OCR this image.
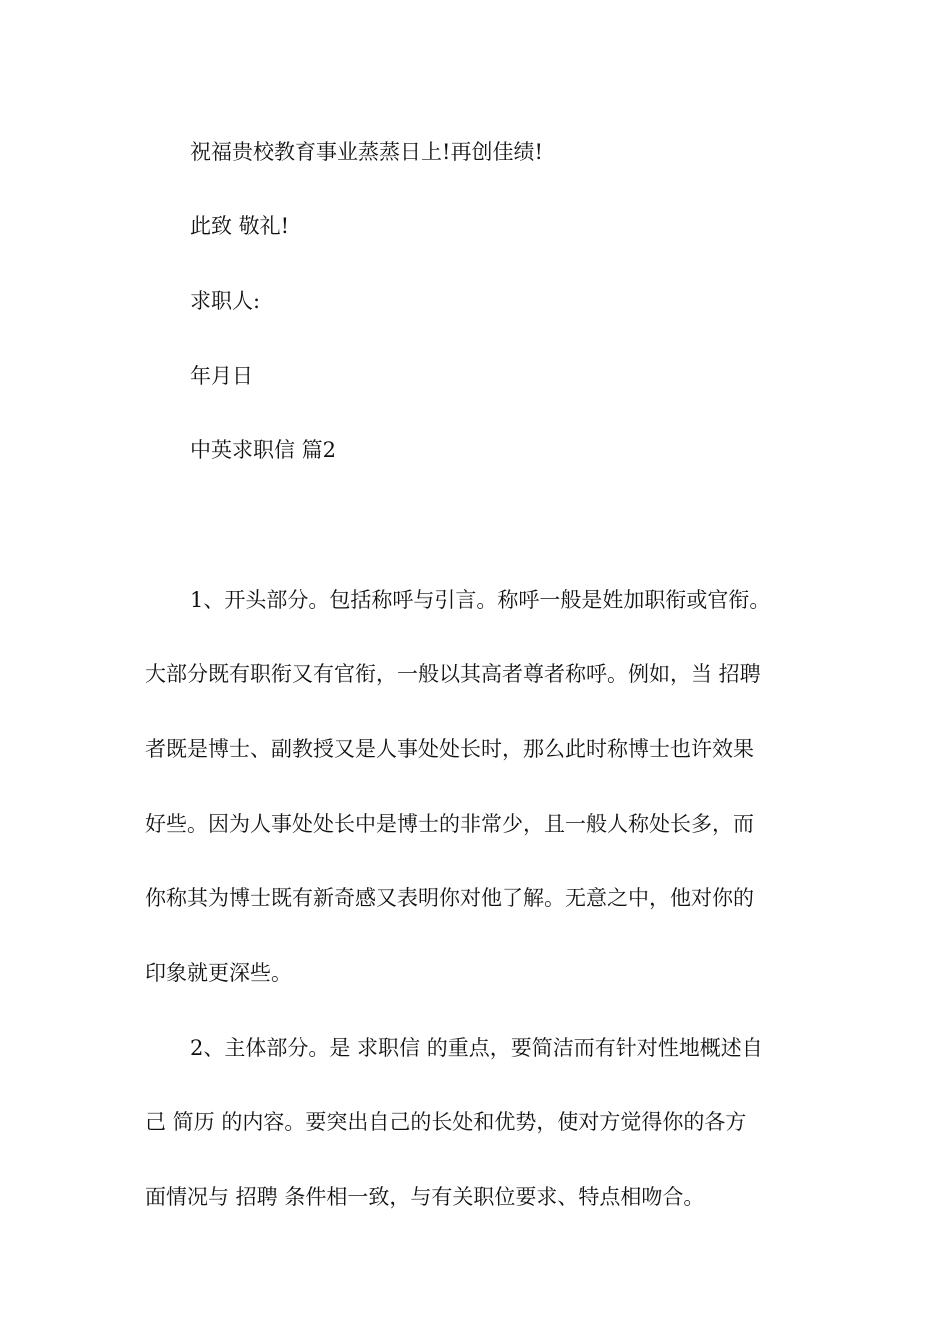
祝福贵校教育事业蒸蒸日上!再创佳绩!
此致 敬礼!
求职人:
年月日
中英求职信 篇2
1、开头部分。包括称呼与引言。称呼一般是姓加职衔或官衔。
大部分既有职衔又有官衔，一般以其高者尊者称呼。例如，当 招聘
者既是博士、副教授又是人事处处长时，那么此时称博士也许效果
好些。因为人事处处长中是博士的非常少，且一般人称处长多，而
你称其为博士既有新奇感又表明你对他了解。无意之中，他对你的
印象就更深些。
2、主体部分。是 求职信 的重点，要简洁而有针对性地概述自
己 简历 的内容。要突出自己的长处和优势，使对方觉得你的各方
面情况与 招聘 条件相一致，与有关职位要求、特点相吻合。
